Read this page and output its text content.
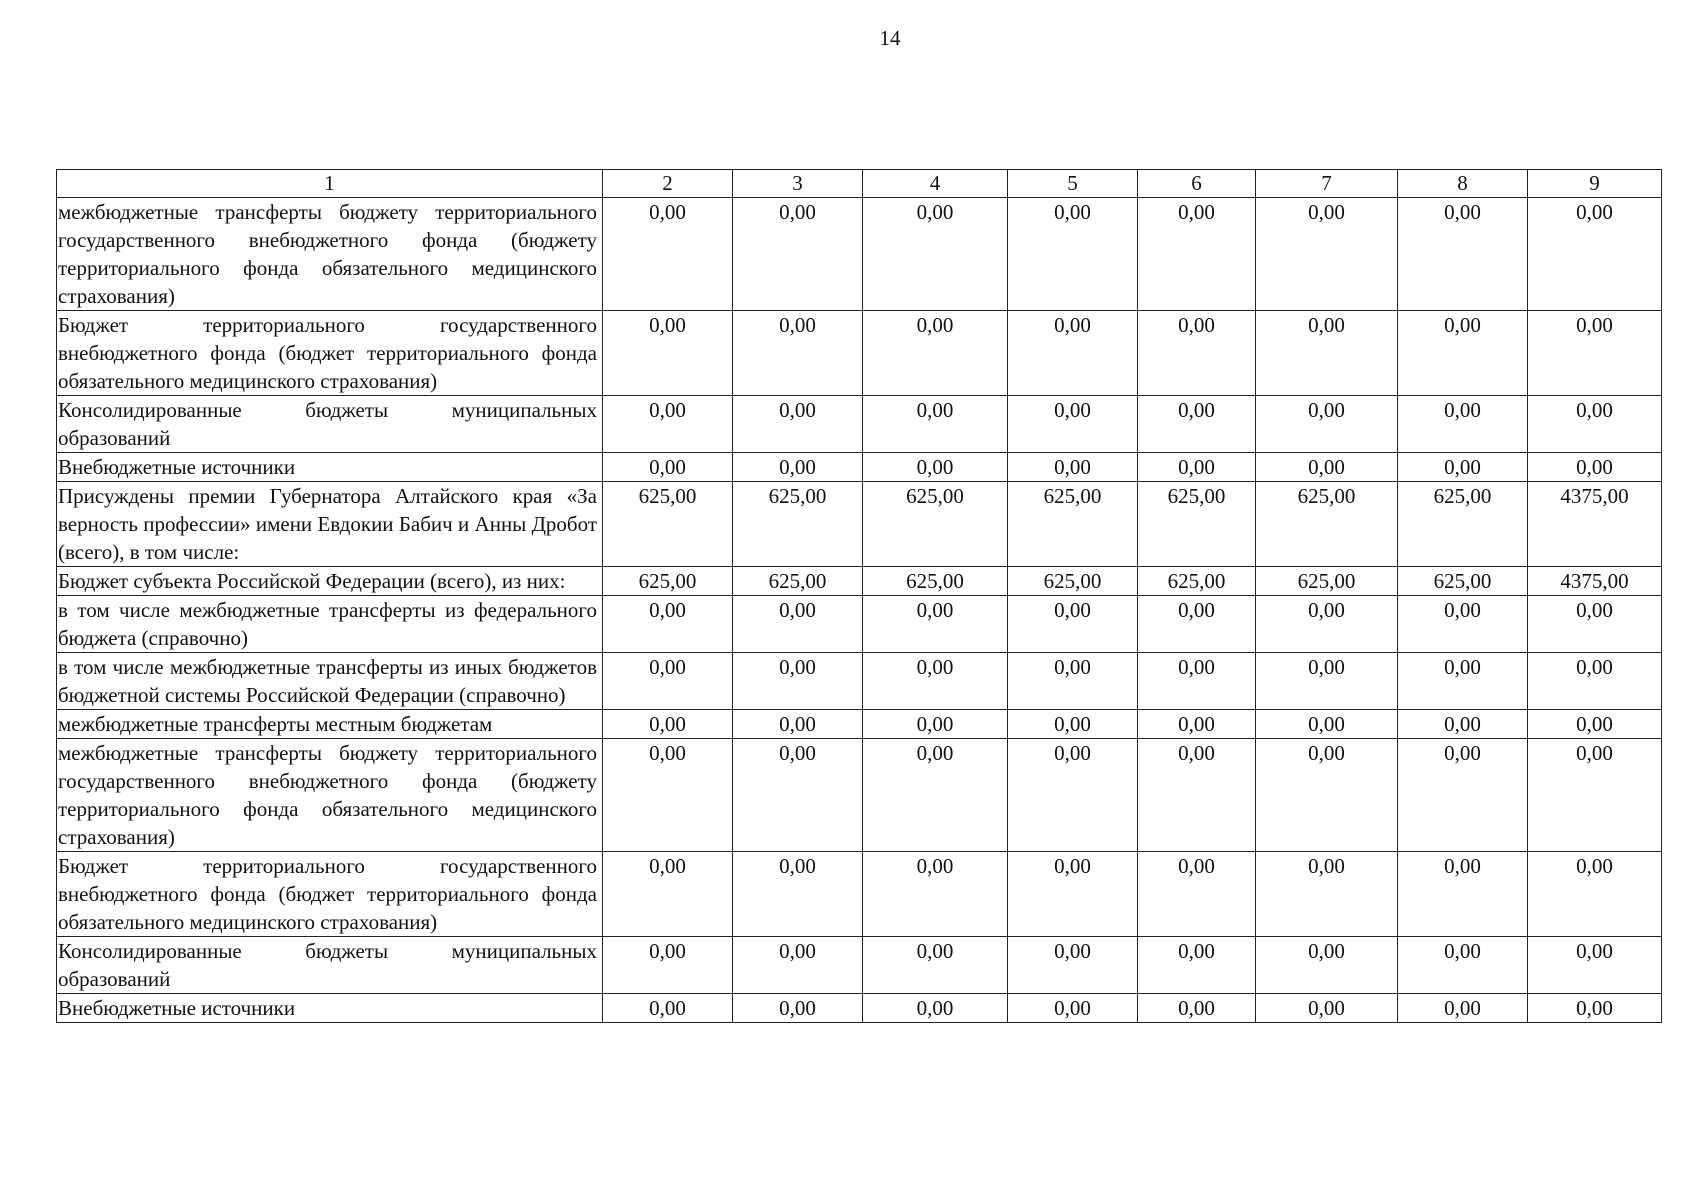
14
1	2	3	4	5	6	7	8	9
межбюджетные трансферты бюджету территориального государственного внебюджетного фонда (бюджету территориального фонда обязательного медицинского страхования)	0,00	0,00	0,00	0,00	0,00	0,00	0,00	0,00
Бюджет территориального государственного внебюджетного фонда (бюджет территориального фонда обязательного медицинского страхования)	0,00	0,00	0,00	0,00	0,00	0,00	0,00	0,00
Консолидированные бюджеты муниципальных образований	0,00	0,00	0,00	0,00	0,00	0,00	0,00	0,00
Внебюджетные источники	0,00	0,00	0,00	0,00	0,00	0,00	0,00	0,00
Присуждены премии Губернатора Алтайского края «За верность профессии» имени Евдокии Бабич и Анны Дробот (всего), в том числе:	625,00	625,00	625,00	625,00	625,00	625,00	625,00	4375,00
Бюджет субъекта Российской Федерации (всего), из них:	625,00	625,00	625,00	625,00	625,00	625,00	625,00	4375,00
в том числе межбюджетные трансферты из федерального бюджета (справочно)	0,00	0,00	0,00	0,00	0,00	0,00	0,00	0,00
в том числе межбюджетные трансферты из иных бюджетов бюджетной системы Российской Федерации (справочно)	0,00	0,00	0,00	0,00	0,00	0,00	0,00	0,00
межбюджетные трансферты местным бюджетам	0,00	0,00	0,00	0,00	0,00	0,00	0,00	0,00
межбюджетные трансферты бюджету территориального государственного внебюджетного фонда (бюджету территориального фонда обязательного медицинского страхования)	0,00	0,00	0,00	0,00	0,00	0,00	0,00	0,00
Бюджет территориального государственного внебюджетного фонда (бюджет территориального фонда обязательного медицинского страхования)	0,00	0,00	0,00	0,00	0,00	0,00	0,00	0,00
Консолидированные бюджеты муниципальных образований	0,00	0,00	0,00	0,00	0,00	0,00	0,00	0,00
Внебюджетные источники	0,00	0,00	0,00	0,00	0,00	0,00	0,00	0,00
